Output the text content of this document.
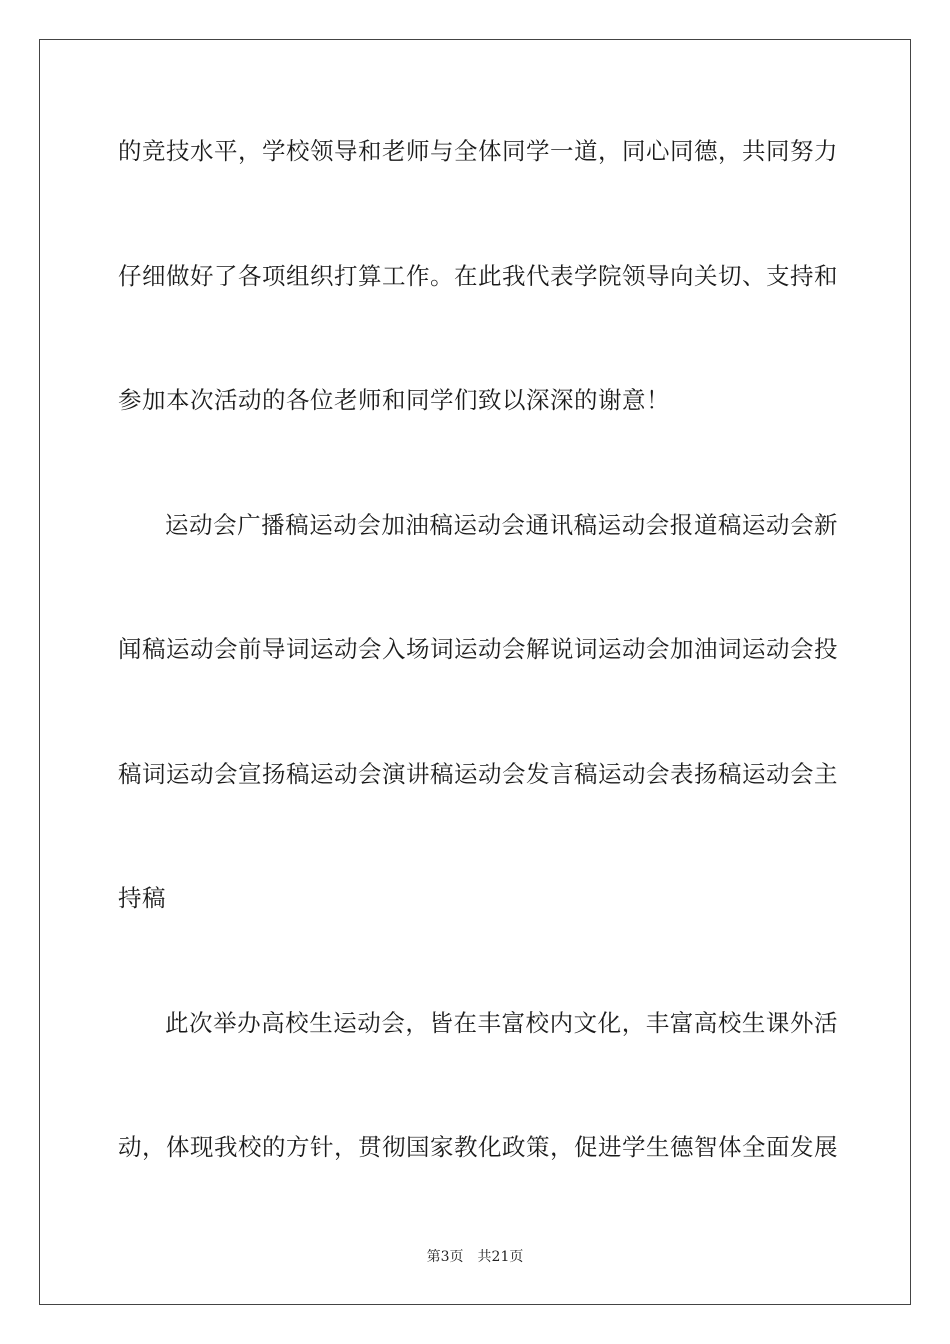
的竞技水平，学校领导和老师与全体同学一道，同心同德，共同努力
仔细做好了各项组织打算工作。在此我代表学院领导向关切、支持和
参加本次活动的各位老师和同学们致以深深的谢意！
运动会广播稿运动会加油稿运动会通讯稿运动会报道稿运动会新
闻稿运动会前导词运动会入场词运动会解说词运动会加油词运动会投
稿词运动会宣扬稿运动会演讲稿运动会发言稿运动会表扬稿运动会主
持稿
此次举办高校生运动会，皆在丰富校内文化，丰富高校生课外活
动，体现我校的方针，贯彻国家教化政策，促进学生德智体全面发展
第3页 共21页
